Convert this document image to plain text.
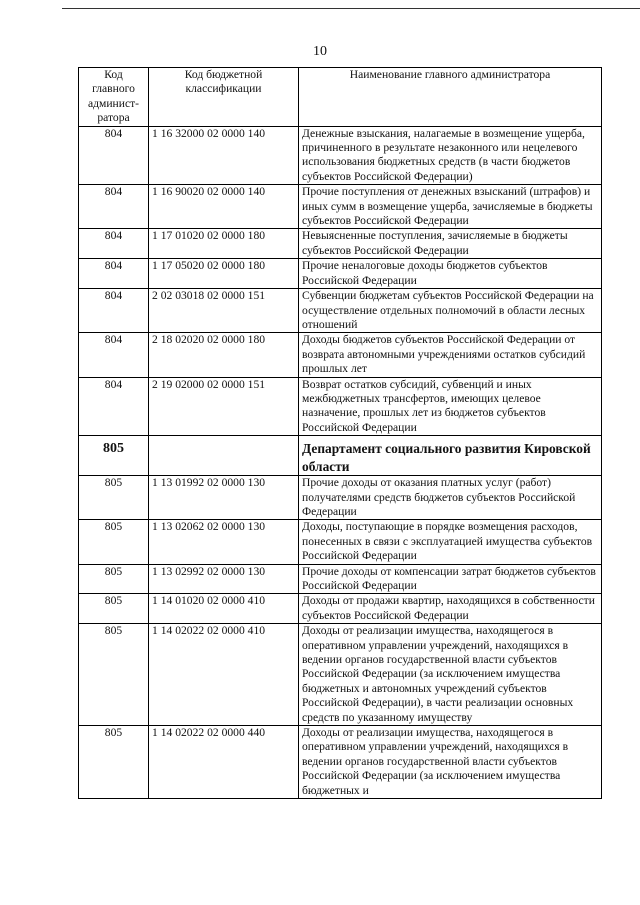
10
Код главного админист-ратора	Код бюджетной классификации	Наименование главного администратора
804	1 16 32000 02 0000 140	Денежные взыскания, налагаемые в возмещение ущерба, причиненного в результате незаконного или нецелевого использования бюджетных средств (в части бюджетов субъектов Российской Федерации)
804	1 16 90020 02 0000 140	Прочие поступления от денежных взысканий (штрафов) и иных сумм в возмещение ущерба, зачисляемые в бюджеты субъектов Российской Федерации
804	1 17 01020 02 0000 180	Невыясненные поступления, зачисляемые в бюджеты субъектов Российской Федерации
804	1 17 05020 02 0000 180	Прочие неналоговые доходы бюджетов субъектов Российской Федерации
804	2 02 03018 02 0000 151	Субвенции бюджетам субъектов Российской Федерации на осуществление отдельных полномочий в области лесных отношений
804	2 18 02020 02 0000 180	Доходы бюджетов субъектов Российской Федерации от возврата автономными учреждениями остатков субсидий прошлых лет
804	2 19 02000 02 0000 151	Возврат остатков субсидий, субвенций и иных межбюджетных трансфертов, имеющих целевое назначение, прошлых лет из бюджетов субъектов Российской Федерации
805		Департамент социального развития Кировской области
805	1 13 01992 02 0000 130	Прочие доходы от оказания платных услуг (работ) получателями средств бюджетов субъектов Российской Федерации
805	1 13 02062 02 0000 130	Доходы, поступающие в порядке возмещения расходов, понесенных в связи с эксплуатацией имущества субъектов Российской Федерации
805	1 13 02992 02 0000 130	Прочие доходы от компенсации затрат бюджетов субъектов Российской Федерации
805	1 14 01020 02 0000 410	Доходы от продажи квартир, находящихся в собственности субъектов Российской Федерации
805	1 14 02022 02 0000 410	Доходы от реализации имущества, находящегося в оперативном управлении учреждений, находящихся в ведении органов государственной власти субъектов Российской Федерации (за исключением имущества бюджетных и автономных учреждений субъектов Российской Федерации), в части реализации основных средств по указанному имуществу
805	1 14 02022 02 0000 440	Доходы от реализации имущества, находящегося в оперативном управлении учреждений, находящихся в ведении органов государственной власти субъектов Российской Федерации (за исключением имущества бюджетных и
